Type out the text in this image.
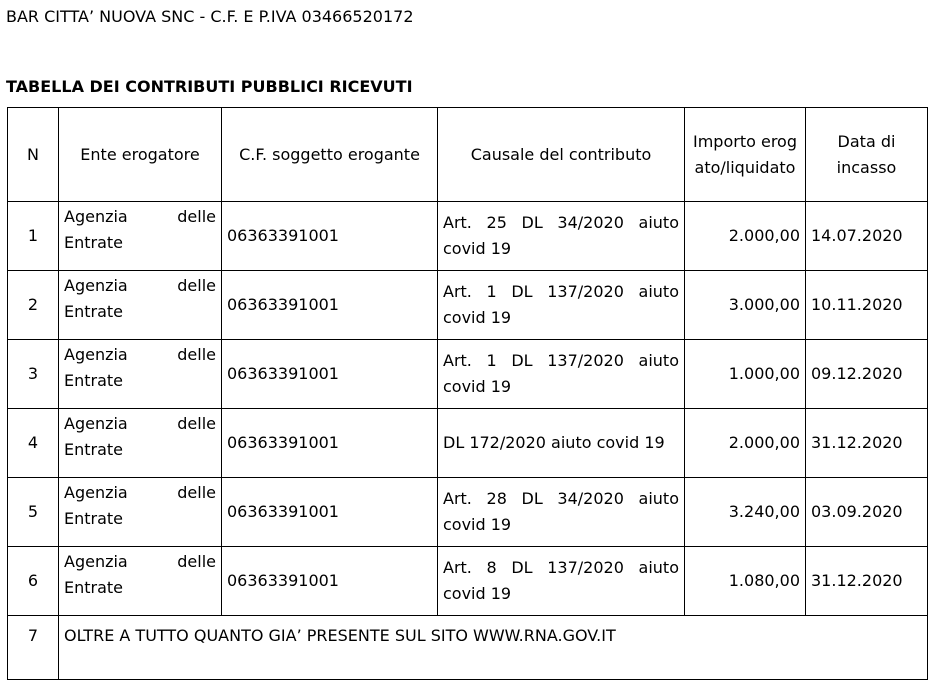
BAR CITTA’ NUOVA SNC - C.F. E P.IVA 03466520172
TABELLA DEI CONTRIBUTI PUBBLICI RICEVUTI
N	Ente erogatore	C.F. soggetto erogante	Causale del contributo	Importo erogato/liquidato	Data di incasso
1	Agenzia delle Entrate	06363391001	Art. 25 DL 34/2020 aiuto covid 19	2.000,00	14.07.2020
2	Agenzia delle Entrate	06363391001	Art. 1 DL 137/2020 aiuto covid 19	3.000,00	10.11.2020
3	Agenzia delle Entrate	06363391001	Art. 1 DL 137/2020 aiuto covid 19	1.000,00	09.12.2020
4	Agenzia delle Entrate	06363391001	DL 172/2020 aiuto covid 19	2.000,00	31.12.2020
5	Agenzia delle Entrate	06363391001	Art. 28 DL 34/2020 aiuto covid 19	3.240,00	03.09.2020
6	Agenzia delle Entrate	06363391001	Art. 8 DL 137/2020 aiuto covid 19	1.080,00	31.12.2020
7	OLTRE A TUTTO QUANTO GIA’ PRESENTE SUL SITO WWW.RNA.GOV.IT				
